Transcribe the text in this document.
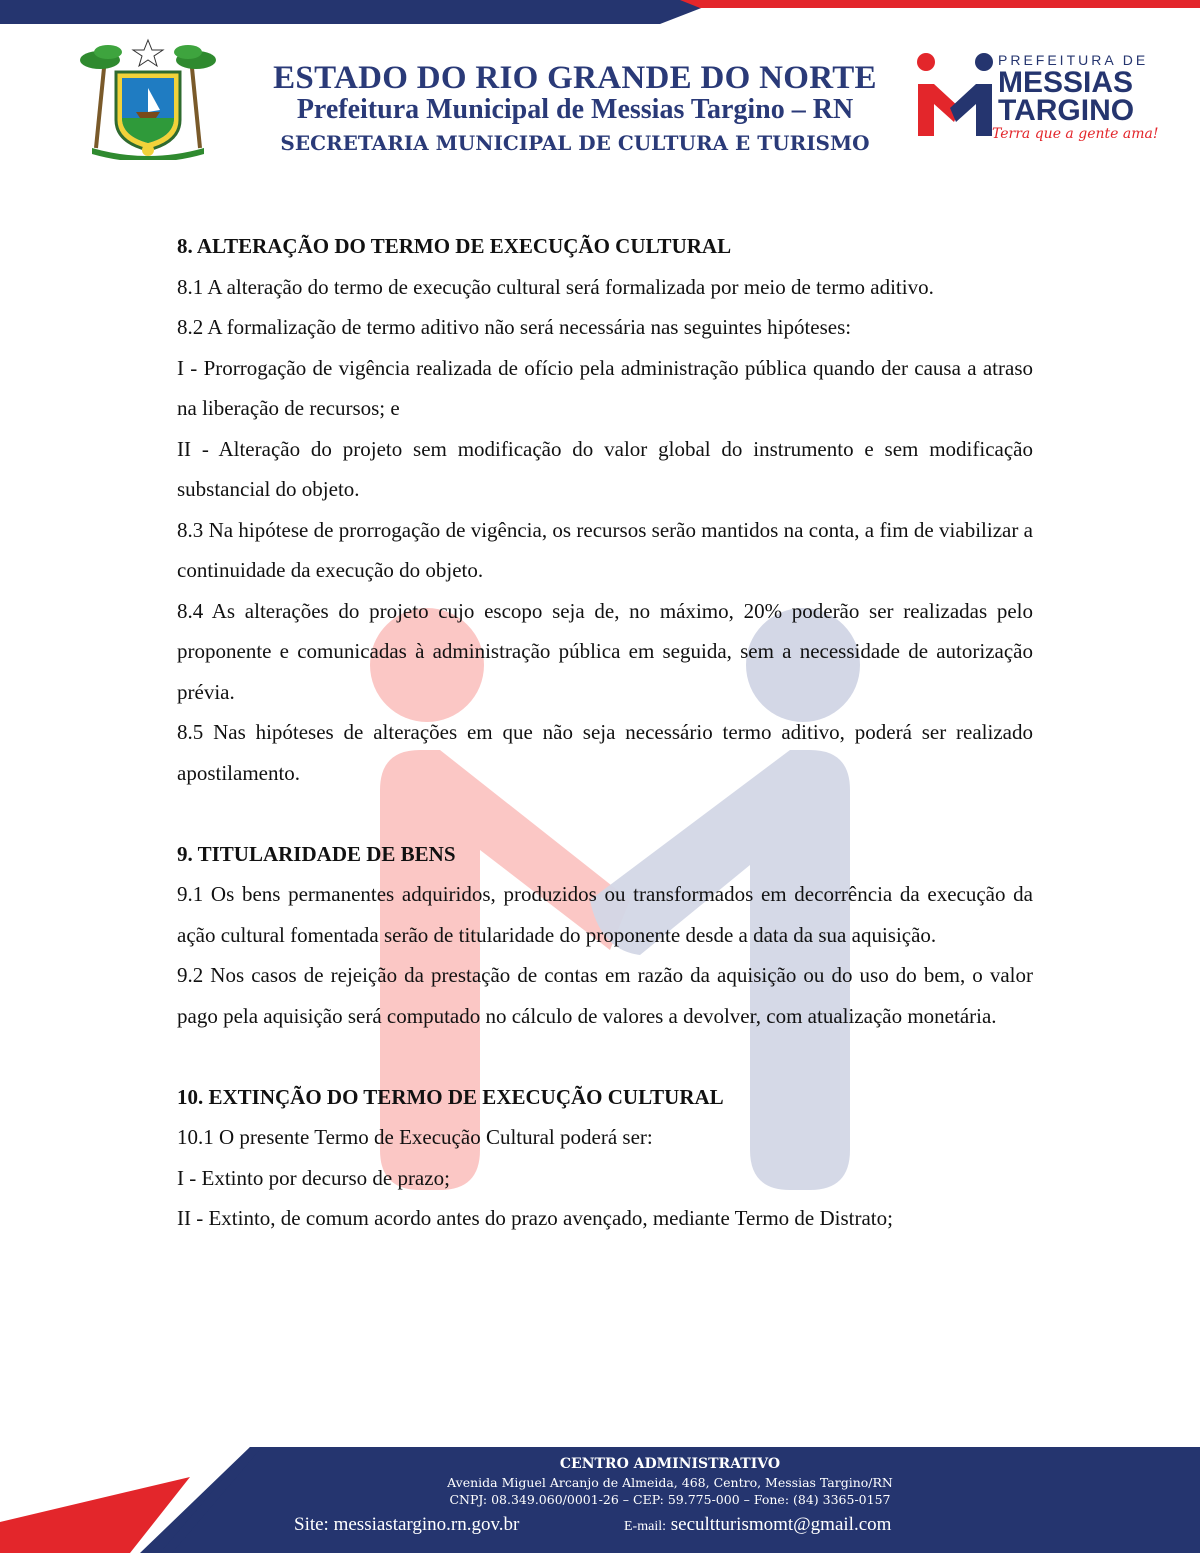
ESTADO DO RIO GRANDE DO NORTE
Prefeitura Municipal de Messias Targino – RN
SECRETARIA MUNICIPAL DE CULTURA E TURISMO
PREFEITURA DE
MESSIAS
TARGINO
Terra que a gente ama!

8. ALTERAÇÃO DO TERMO DE EXECUÇÃO CULTURAL

8.1 A alteração do termo de execução cultural será formalizada por meio de termo aditivo.

8.2 A formalização de termo aditivo não será necessária nas seguintes hipóteses:

I - Prorrogação de vigência realizada de ofício pela administração pública quando der causa a atraso na liberação de recursos; e

II - Alteração do projeto sem modificação do valor global do instrumento e sem modificação substancial do objeto.

8.3 Na hipótese de prorrogação de vigência, os recursos serão mantidos na conta, a fim de viabilizar a continuidade da execução do objeto.

8.4 As alterações do projeto cujo escopo seja de, no máximo, 20% poderão ser realizadas pelo proponente e comunicadas à administração pública em seguida, sem a necessidade de autorização prévia.

8.5 Nas hipóteses de alterações em que não seja necessário termo aditivo, poderá ser realizado apostilamento.

9. TITULARIDADE DE BENS

9.1 Os bens permanentes adquiridos, produzidos ou transformados em decorrência da execução da ação cultural fomentada serão de titularidade do proponente desde a data da sua aquisição.

9.2 Nos casos de rejeição da prestação de contas em razão da aquisição ou do uso do bem, o valor pago pela aquisição será computado no cálculo de valores a devolver, com atualização monetária.

10. EXTINÇÃO DO TERMO DE EXECUÇÃO CULTURAL

10.1 O presente Termo de Execução Cultural poderá ser:

I - Extinto por decurso de prazo;

II - Extinto, de comum acordo antes do prazo avençado, mediante Termo de Distrato;

CENTRO ADMINISTRATIVO
Avenida Miguel Arcanjo de Almeida, 468, Centro, Messias Targino/RN
CNPJ: 08.349.060/0001-26 – CEP: 59.775-000 – Fone: (84) 3365-0157
Site: messiastargino.rn.gov.br	E-mail: secultturismomt@gmail.com
